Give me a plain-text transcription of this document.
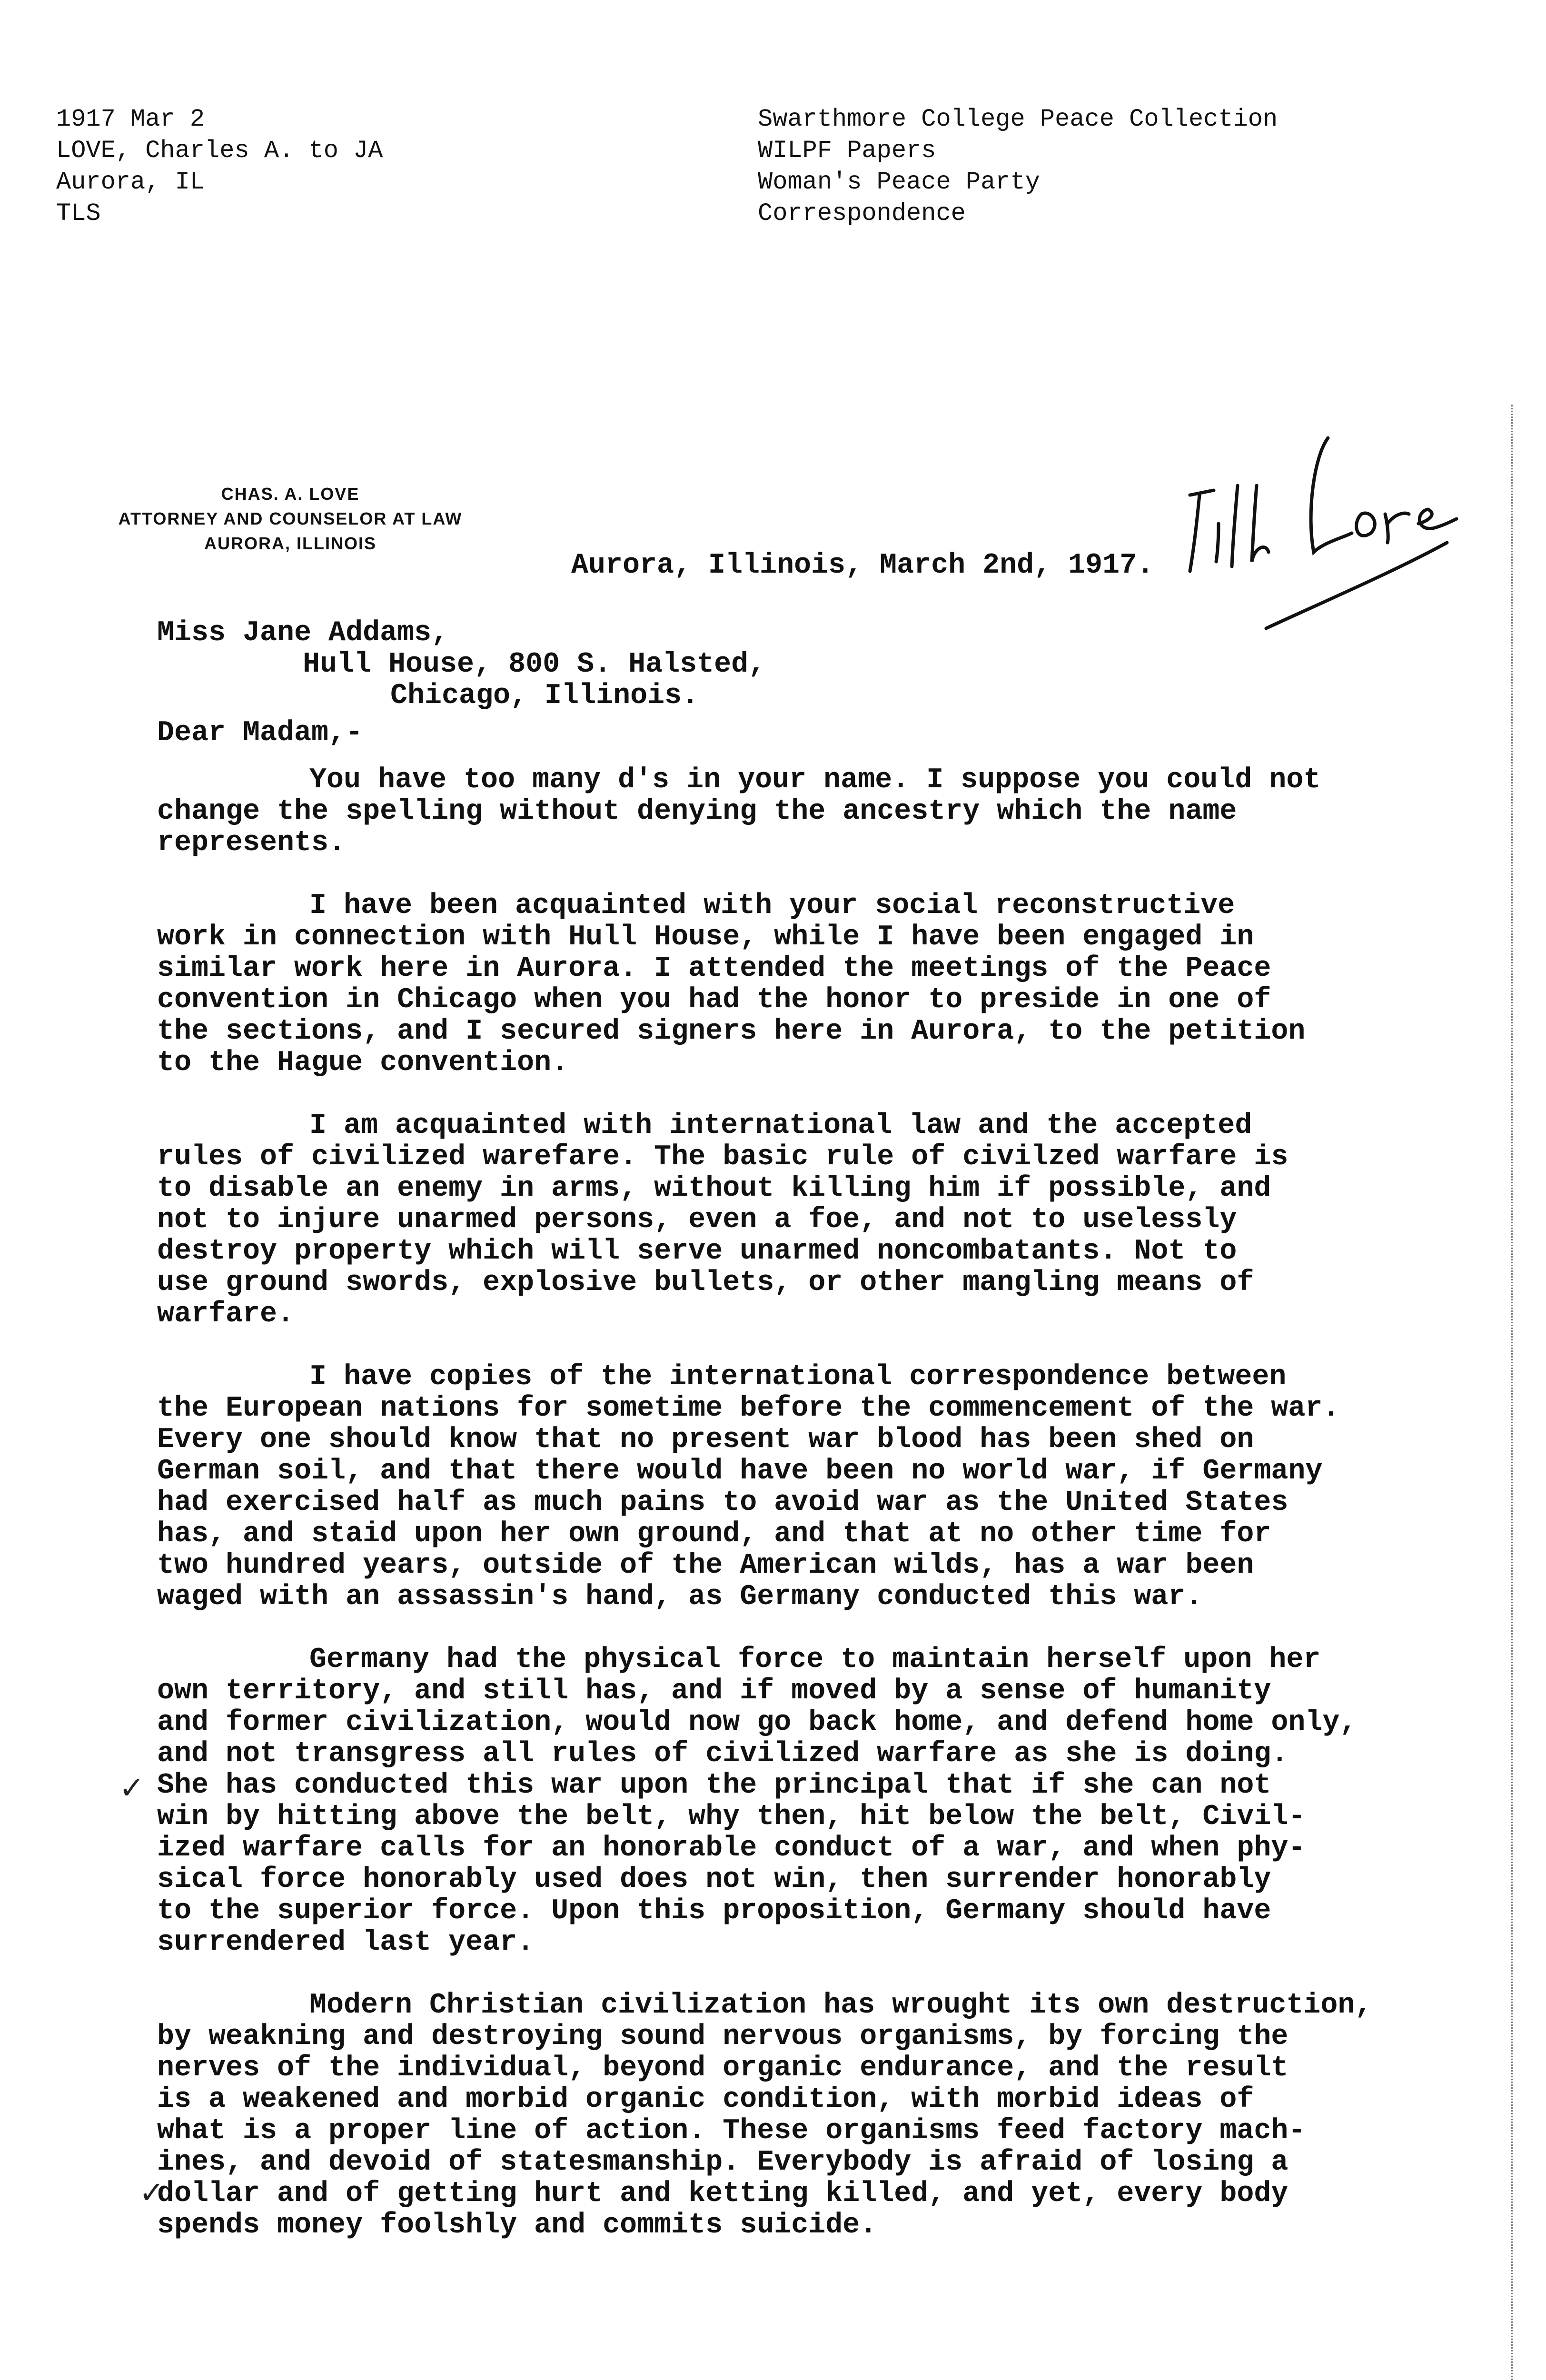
1917 Mar 2
LOVE, Charles A. to JA
Aurora, IL
TLS
Swarthmore College Peace Collection
WILPF Papers
Woman's Peace Party
Correspondence
CHAS. A. LOVE
ATTORNEY AND COUNSELOR AT LAW
AURORA, ILLINOIS
Aurora, Illinois, March 2nd, 1917.
Miss Jane Addams,
Hull House, 800 S. Halsted,
Chicago, Illinois.
Dear Madam,-

You have too many d's in your name. I suppose you could not
change the spelling without denying the ancestry which the name
represents.

I have been acquainted with your social reconstructive
work in connection with Hull House, while I have been engaged in
similar work here in Aurora. I attended the meetings of the Peace
convention in Chicago when you had the honor to preside in one of
the sections, and I secured signers here in Aurora, to the petition
to the Hague convention.

I am acquainted with international law and the accepted
rules of civilized warefare. The basic rule of civilzed warfare is
to disable an enemy in arms, without killing him if possible, and
not to injure unarmed persons, even a foe, and not to uselessly
destroy property which will serve unarmed noncombatants. Not to
use ground swords, explosive bullets, or other mangling means of
warfare.

I have copies of the international correspondence between
the European nations for sometime before the commencement of the war.
Every one should know that no present war blood has been shed on
German soil, and that there would have been no world war, if Germany
had exercised half as much pains to avoid war as the United States
has, and staid upon her own ground, and that at no other time for
two hundred years, outside of the American wilds, has a war been
waged with an assassin's hand, as Germany conducted this war.

Germany had the physical force to maintain herself upon her
own territory, and still has, and if moved by a sense of humanity
and former civilization, would now go back home, and defend home only,
and not transgress all rules of civilized warfare as she is doing.
She has conducted this war upon the principal that if she can not
win by hitting above the belt, why then, hit below the belt, Civil-
ized warfare calls for an honorable conduct of a war, and when phy-
sical force honorably used does not win, then surrender honorably
to the superior force. Upon this proposition, Germany should have
surrendered last year.

Modern Christian civilization has wrought its own destruction,
by weakning and destroying sound nervous organisms, by forcing the
nerves of the individual, beyond organic endurance, and the result
is a weakened and morbid organic condition, with morbid ideas of
what is a proper line of action. These organisms feed factory mach-
ines, and devoid of statesmanship. Everybody is afraid of losing a
dollar and of getting hurt and ketting killed, and yet, every body
spends money foolshly and commits suicide.

✓
✓
